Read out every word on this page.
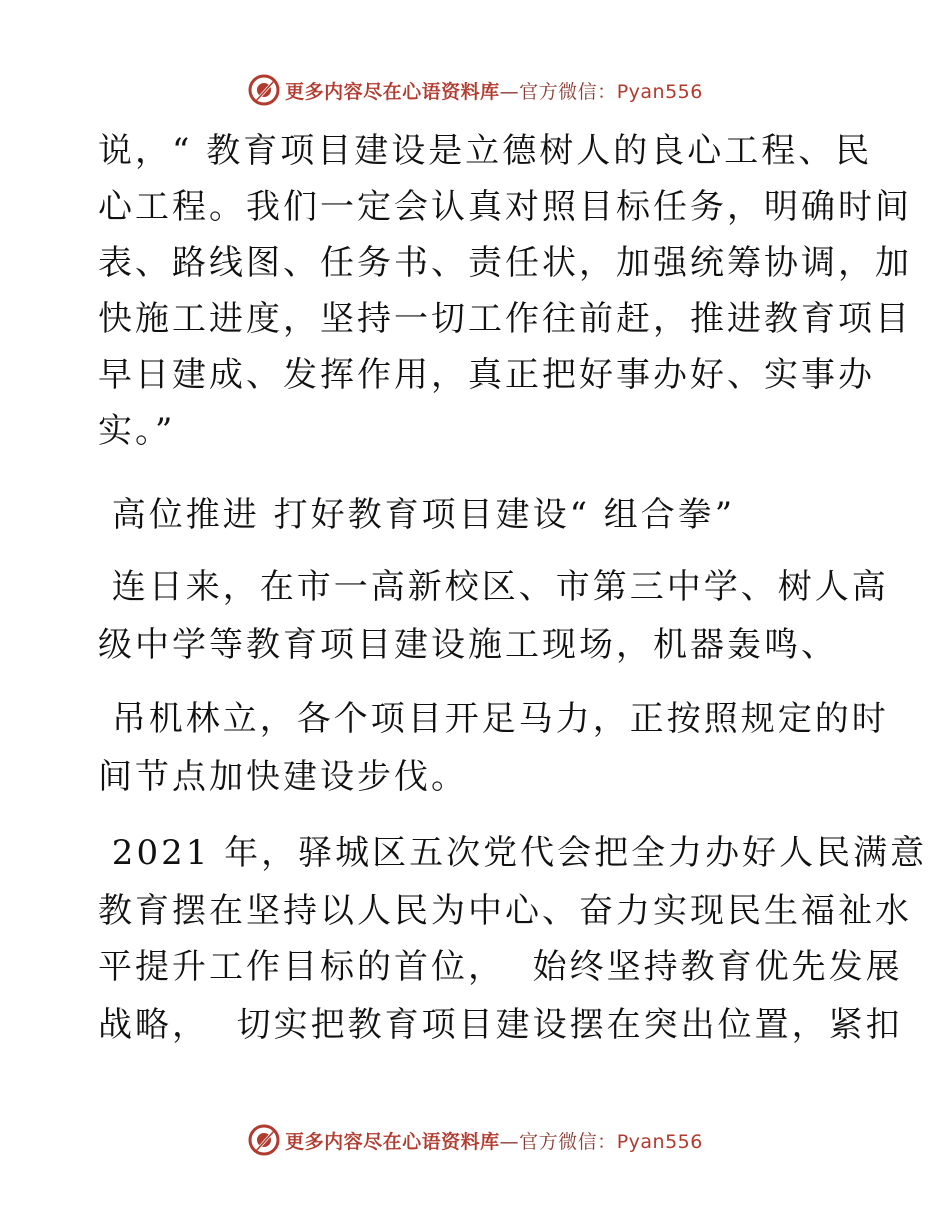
更多内容尽在心语资料库—官方微信：Pyan556
说，“ 教育项目建设是立德树人的良心工程、民
心工程。我们一定会认真对照目标任务，明确时间
表、路线图、任务书、责任状，加强统筹协调，加
快施工进度，坚持一切工作往前赶，推进教育项目
早日建成、发挥作用，真正把好事办好、实事办
实。”
高位推进 打好教育项目建设“ 组合拳”
连日来，在市一高新校区、市第三中学、树人高
级中学等教育项目建设施工现场，机器轰鸣、
吊机林立，各个项目开足马力，正按照规定的时
间节点加快建设步伐。
2021 年，驿城区五次党代会把全力办好人民满意
教育摆在坚持以人民为中心、奋力实现民生福祉水
平提升工作目标的首位，  始终坚持教育优先发展
战略，  切实把教育项目建设摆在突出位置，紧扣
更多内容尽在心语资料库—官方微信：Pyan556
